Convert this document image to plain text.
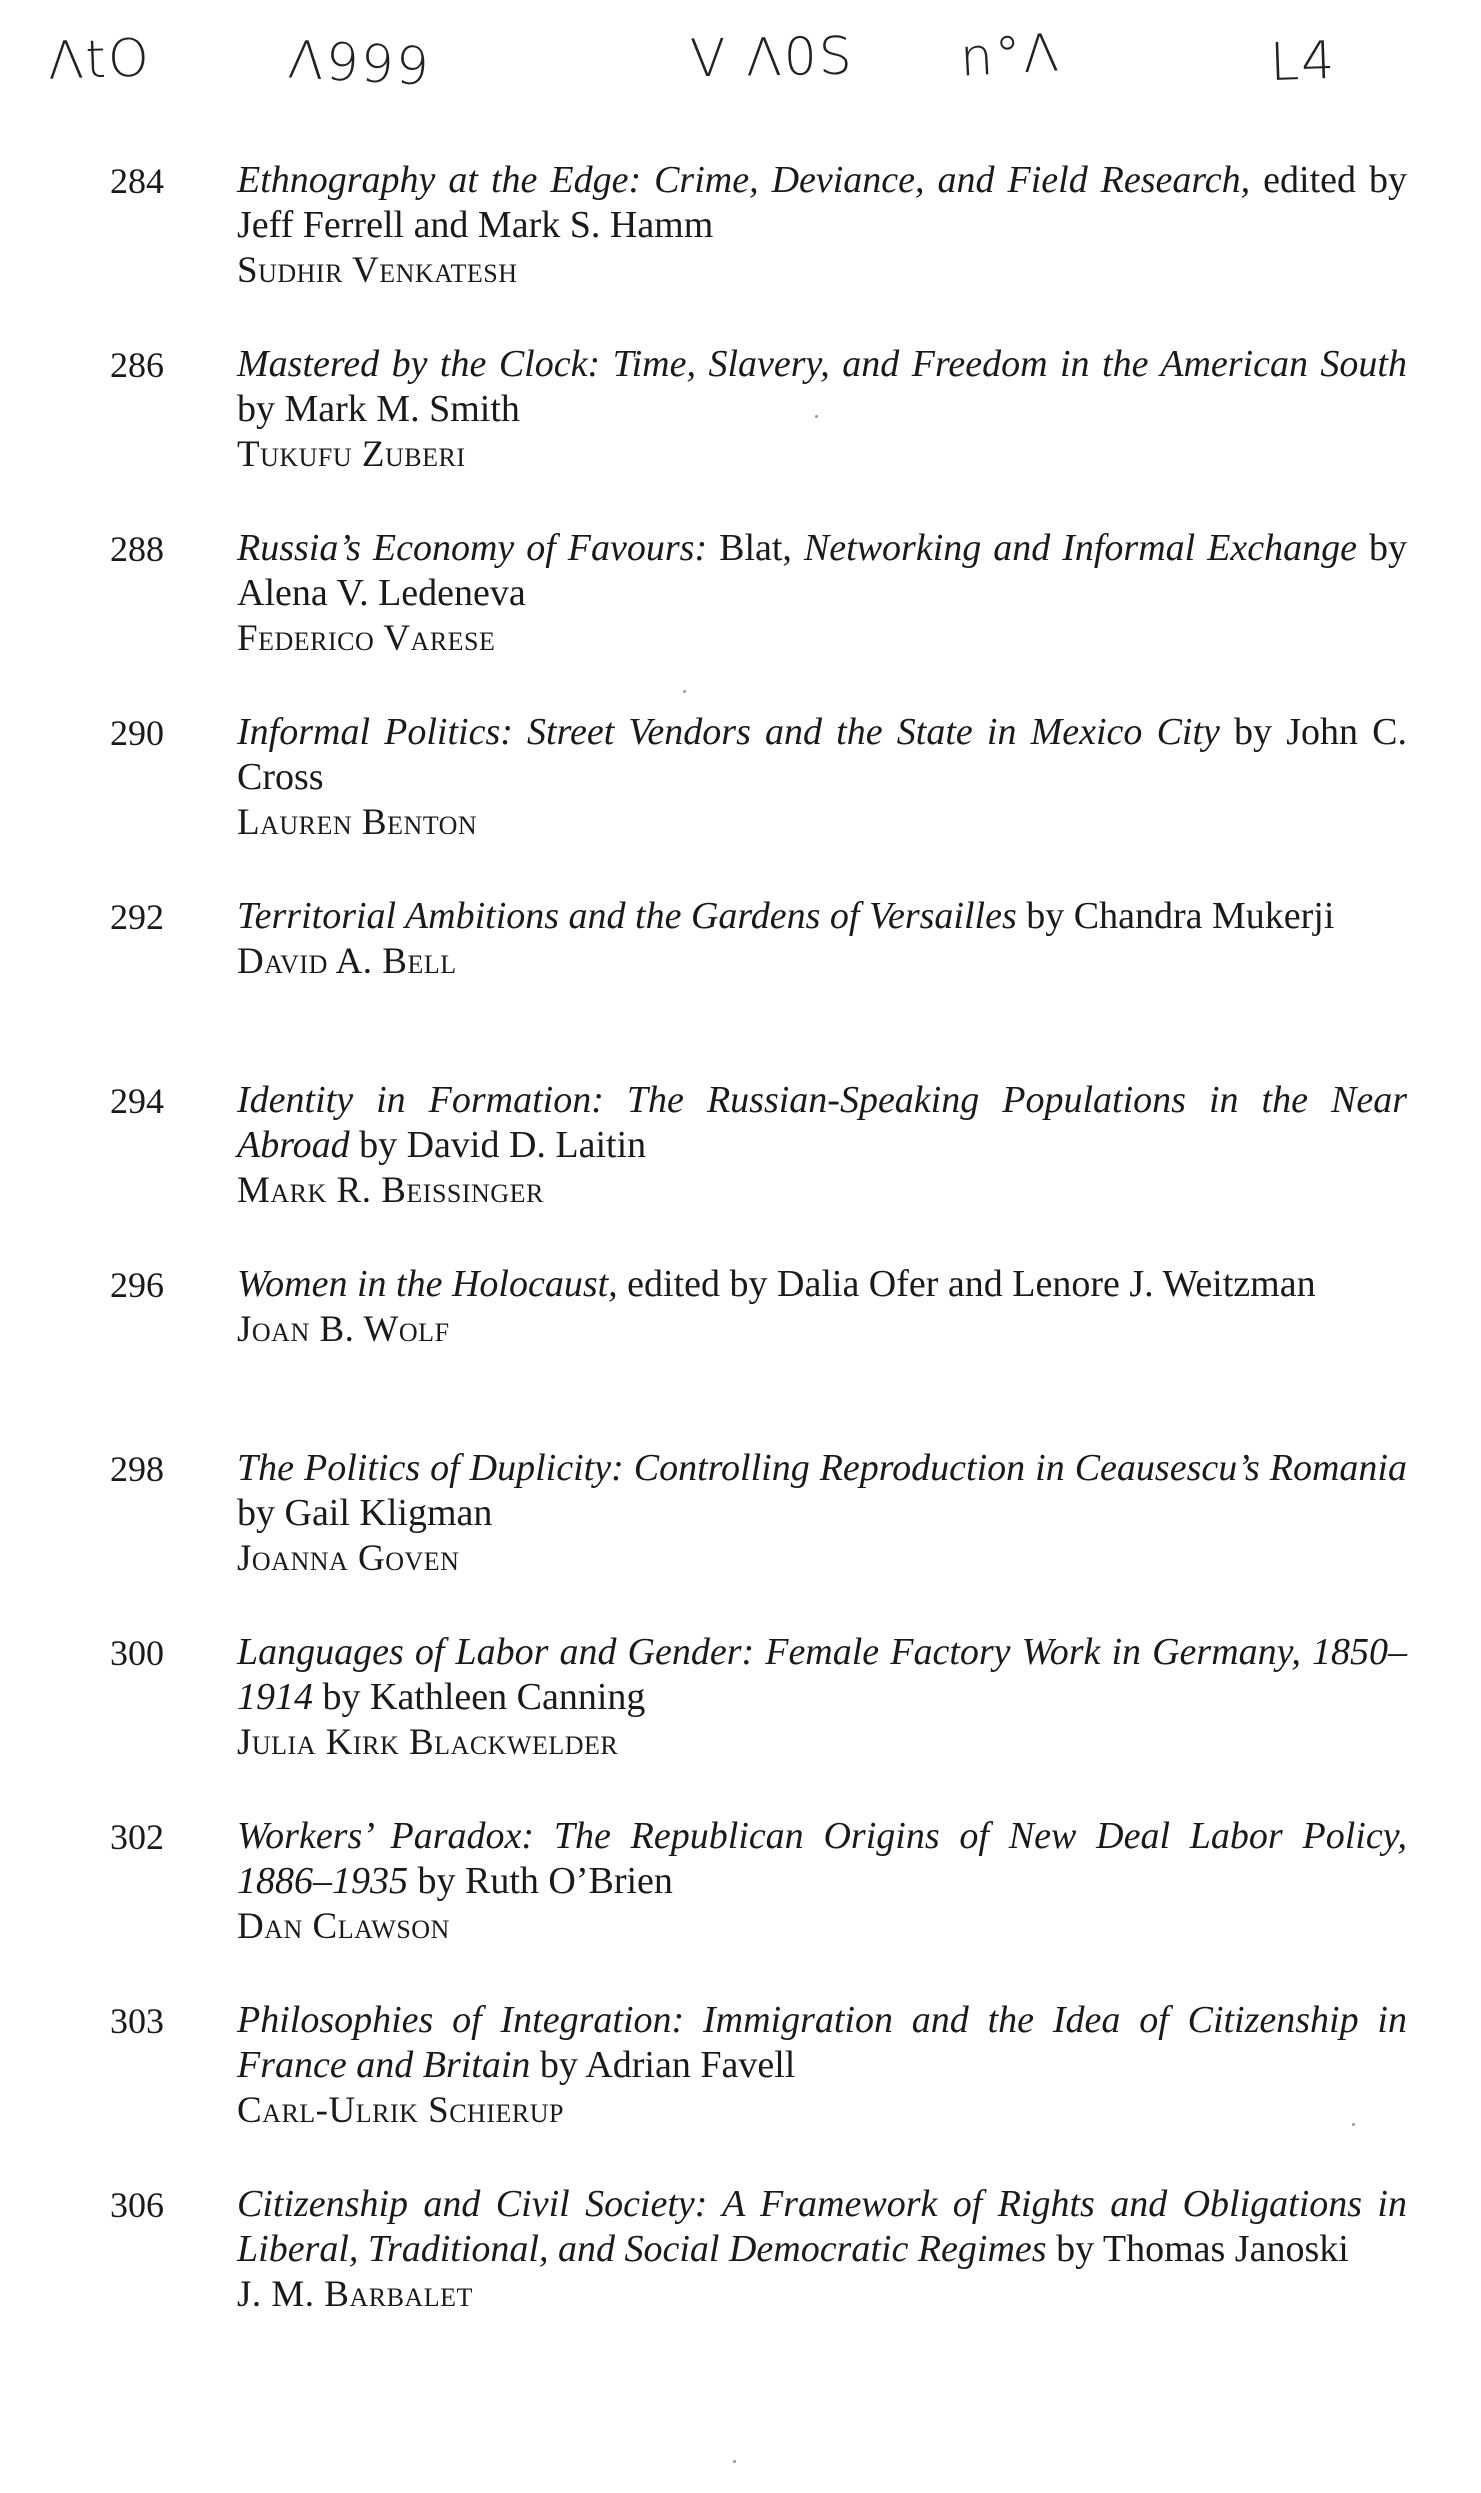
ɅtO	Λ999	V Λ0S n°Λ	L4
284	Ethnography at the Edge: Crime, Deviance, and Field Research, edited by Jeff Ferrell and Mark S. Hamm
Sudhir Venkatesh
286	Mastered by the Clock: Time, Slavery, and Freedom in the American South by Mark M. Smith
Tukufu Zuberi
288	Russia’s Economy of Favours: Blat, Networking and Informal Exchange by Alena V. Ledeneva
Federico Varese
290	Informal Politics: Street Vendors and the State in Mexico City by John C. Cross
Lauren Benton
292	Territorial Ambitions and the Gardens of Versailles by Chandra Mukerji
David A. Bell
294	Identity in Formation: The Russian-Speaking Populations in the Near Abroad by David D. Laitin
Mark R. Beissinger
296	Women in the Holocaust, edited by Dalia Ofer and Lenore J. Weitzman
Joan B. Wolf
298	The Politics of Duplicity: Controlling Reproduction in Ceausescu’s Romania by Gail Kligman
Joanna Goven
300	Languages of Labor and Gender: Female Factory Work in Germany, 1850–1914 by Kathleen Canning
Julia Kirk Blackwelder
302	Workers’ Paradox: The Republican Origins of New Deal Labor Policy, 1886–1935 by Ruth O’Brien
Dan Clawson
303	Philosophies of Integration: Immigration and the Idea of Citizenship in France and Britain by Adrian Favell
Carl-Ulrik Schierup
306	Citizenship and Civil Society: A Framework of Rights and Obligations in Liberal, Traditional, and Social Democratic Regimes by Thomas Janoski
J. M. Barbalet
